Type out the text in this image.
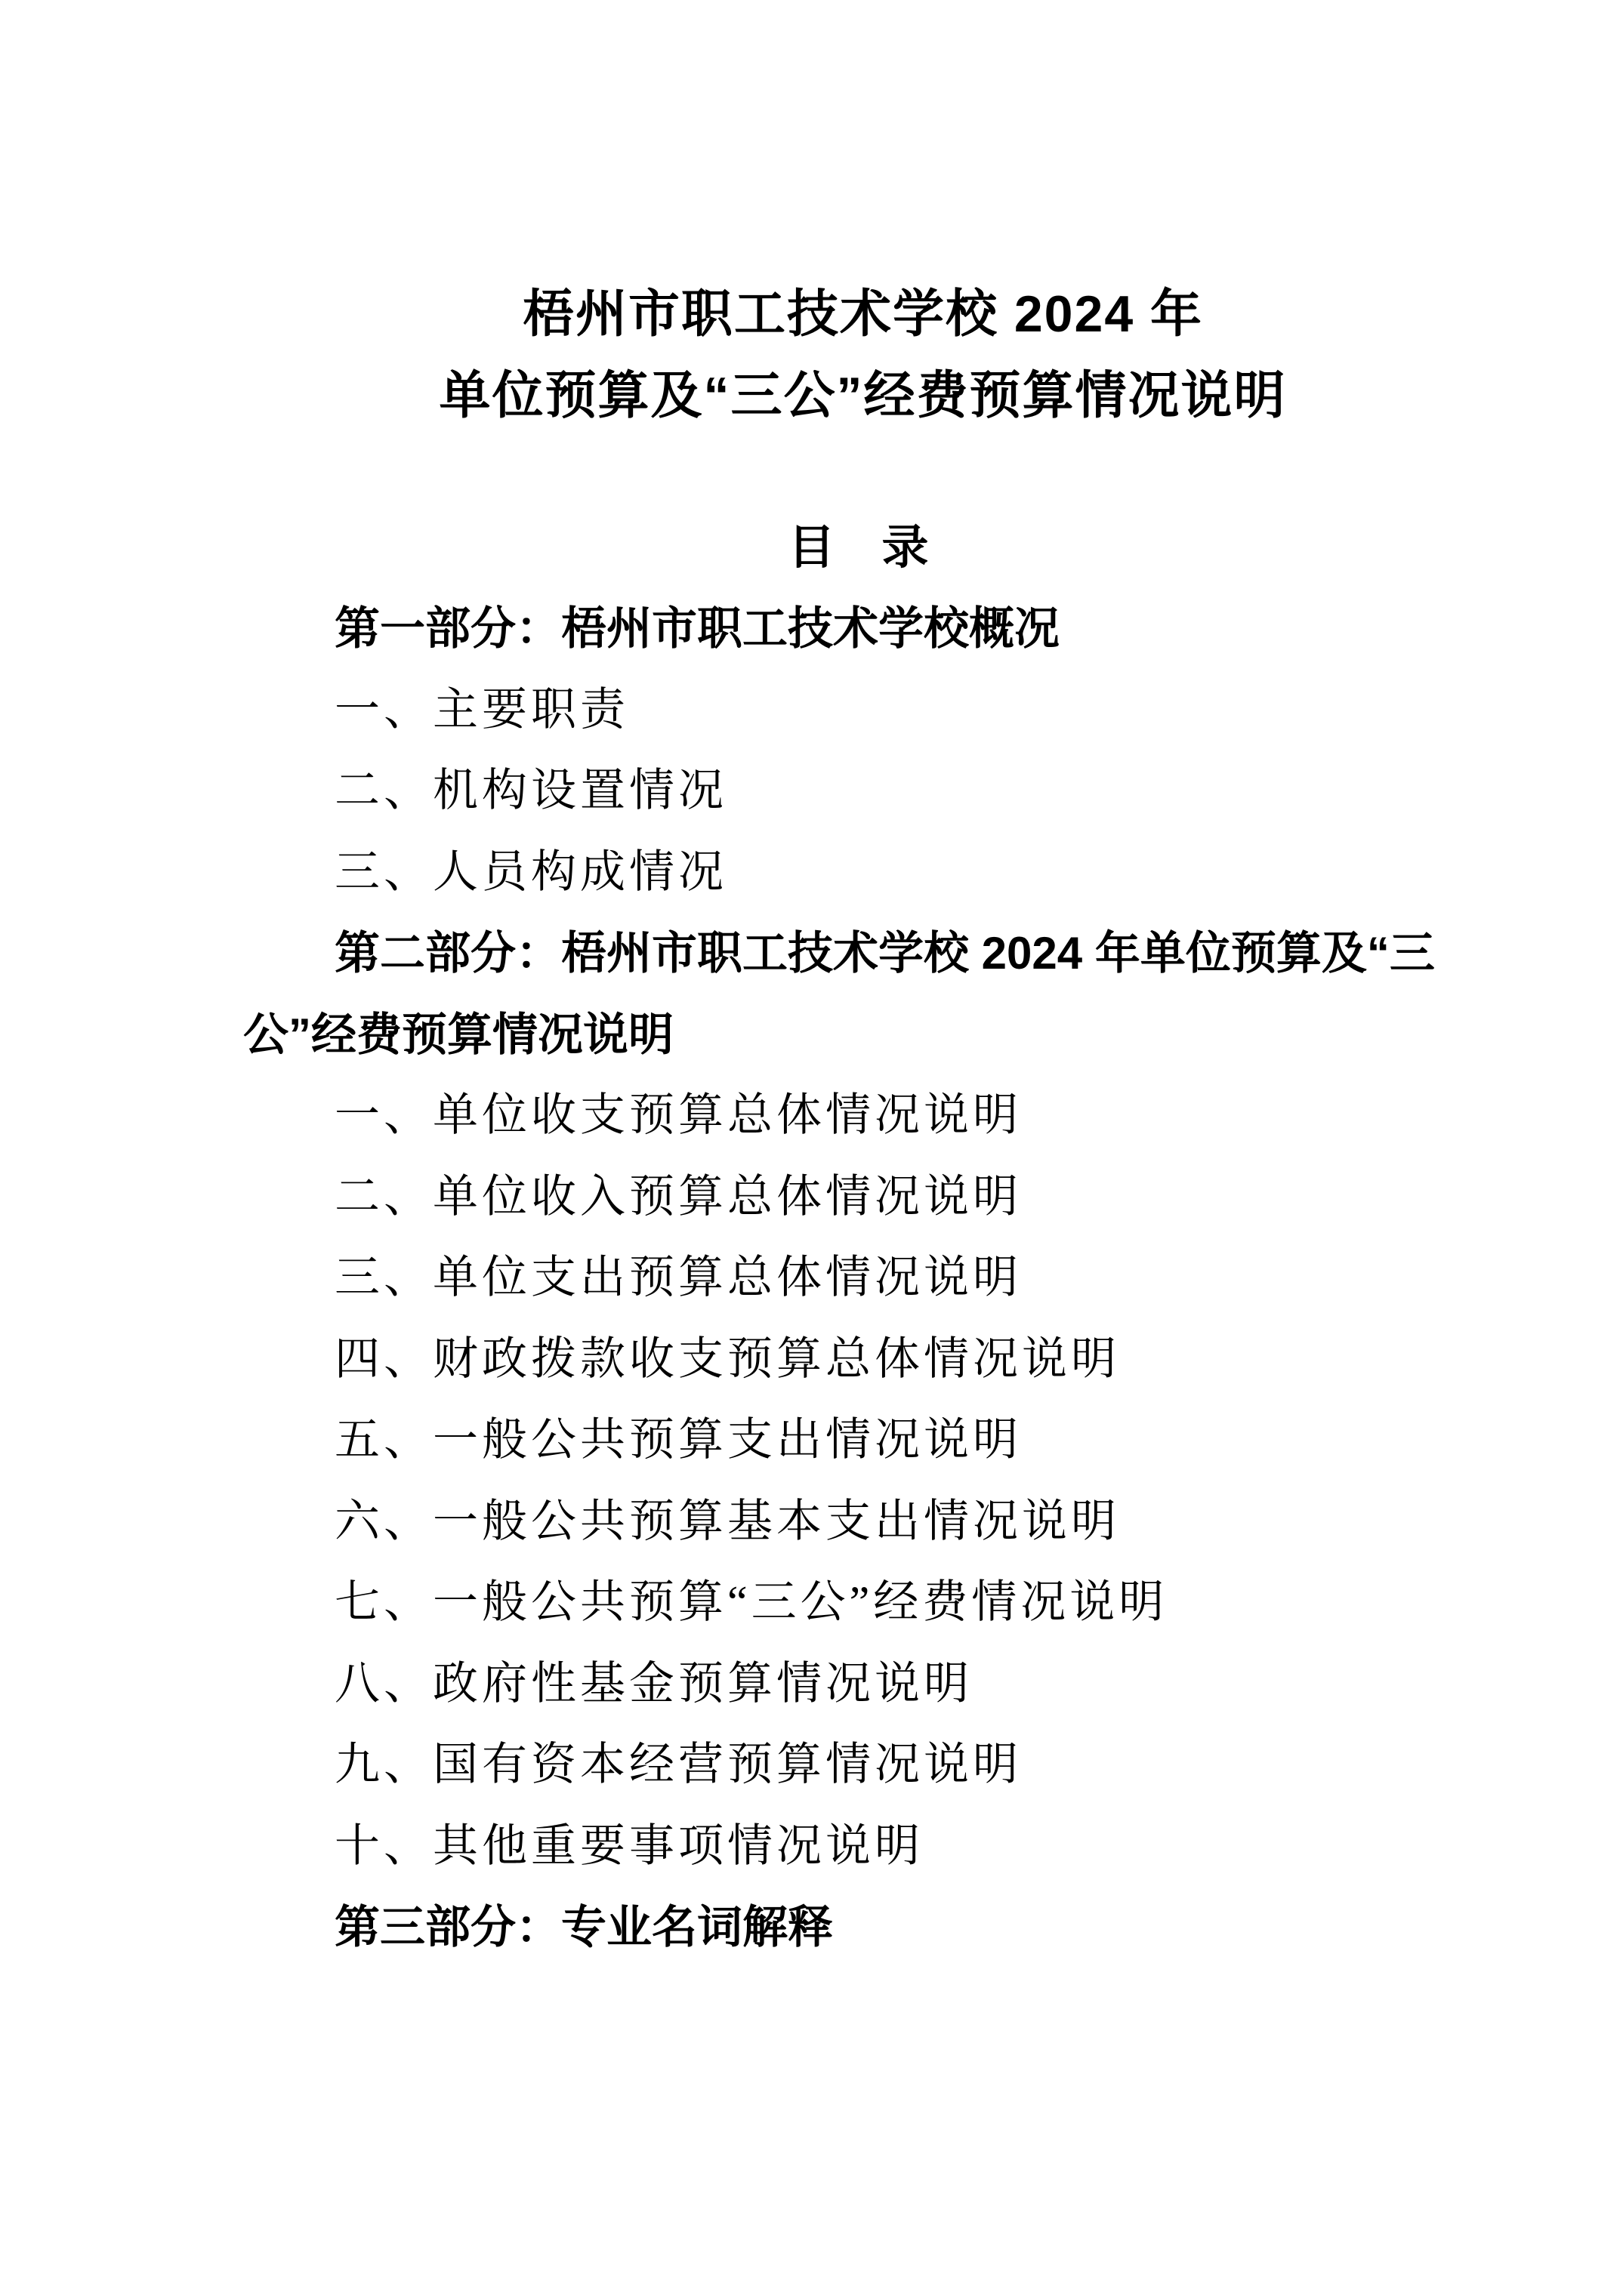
梧州市职工技术学校 2024 年
单位预算及“三公”经费预算情况说明
目　录
第一部分：梧州市职工技术学校概况
一、主要职责
二、机构设置情况
三、人员构成情况
第二部分：梧州市职工技术学校 2024 年单位预算及“三
公”经费预算情况说明
一、单位收支预算总体情况说明
二、单位收入预算总体情况说明
三、单位支出预算总体情况说明
四、财政拨款收支预算总体情况说明
五、一般公共预算支出情况说明
六、一般公共预算基本支出情况说明
七、一般公共预算“三公”经费情况说明
八、政府性基金预算情况说明
九、国有资本经营预算情况说明
十、其他重要事项情况说明
第三部分：专业名词解释
